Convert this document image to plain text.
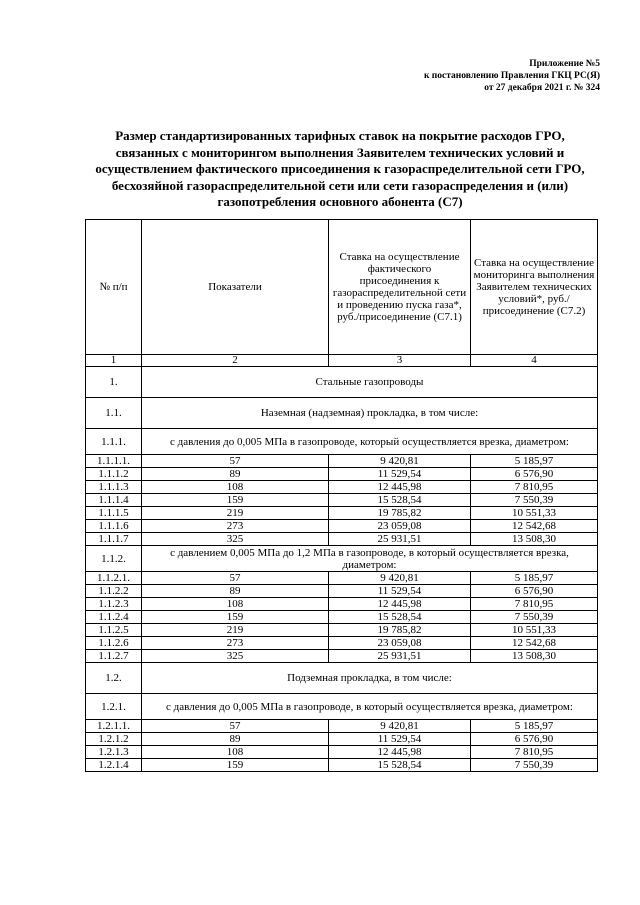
Приложение №5
к постановлению Правления ГКЦ РС(Я)
от 27 декабря 2021 г. № 324
Размер стандартизированных тарифных ставок на покрытие расходов ГРО, связанных с мониторингом выполнения Заявителем технических условий и осуществлением фактического присоединения к газораспределительной сети ГРО, бесхозяйной газораспределительной сети или сети газораспределения и (или) газопотребления основного абонента (С7)
№ п/п	Показатели	Ставка на осуществление фактического присоединения к газораспределительной сети и проведению пуска газа*, руб./присоединение (С7.1)	Ставка на осуществление мониторинга выполнения Заявителем технических условий*, руб./присоединение (С7.2)
1	2	3	4
1.	Стальные газопроводы		
1.1.	Наземная (надземная) прокладка, в том числе:		
1.1.1.	с давления до 0,005 МПа в газопроводе, который осуществляется врезка, диаметром:		
1.1.1.1.	57	9 420,81	5 185,97
1.1.1.2	89	11 529,54	6 576,90
1.1.1.3	108	12 445,98	7 810,95
1.1.1.4	159	15 528,54	7 550,39
1.1.1.5	219	19 785,82	10 551,33
1.1.1.6	273	23 059,08	12 542,68
1.1.1.7	325	25 931,51	13 508,30
1.1.2.	с давлением 0,005 МПа до 1,2 МПа в газопроводе, в который осуществляется врезка, диаметром:		
1.1.2.1.	57	9 420,81	5 185,97
1.1.2.2	89	11 529,54	6 576,90
1.1.2.3	108	12 445,98	7 810,95
1.1.2.4	159	15 528,54	7 550,39
1.1.2.5	219	19 785,82	10 551,33
1.1.2.6	273	23 059,08	12 542,68
1.1.2.7	325	25 931,51	13 508,30
1.2.	Подземная прокладка, в том числе:		
1.2.1.	с давления до 0,005 МПа в газопроводе, в который осуществляется врезка, диаметром:		
1.2.1.1.	57	9 420,81	5 185,97
1.2.1.2	89	11 529,54	6 576,90
1.2.1.3	108	12 445,98	7 810,95
1.2.1.4	159	15 528,54	7 550,39
